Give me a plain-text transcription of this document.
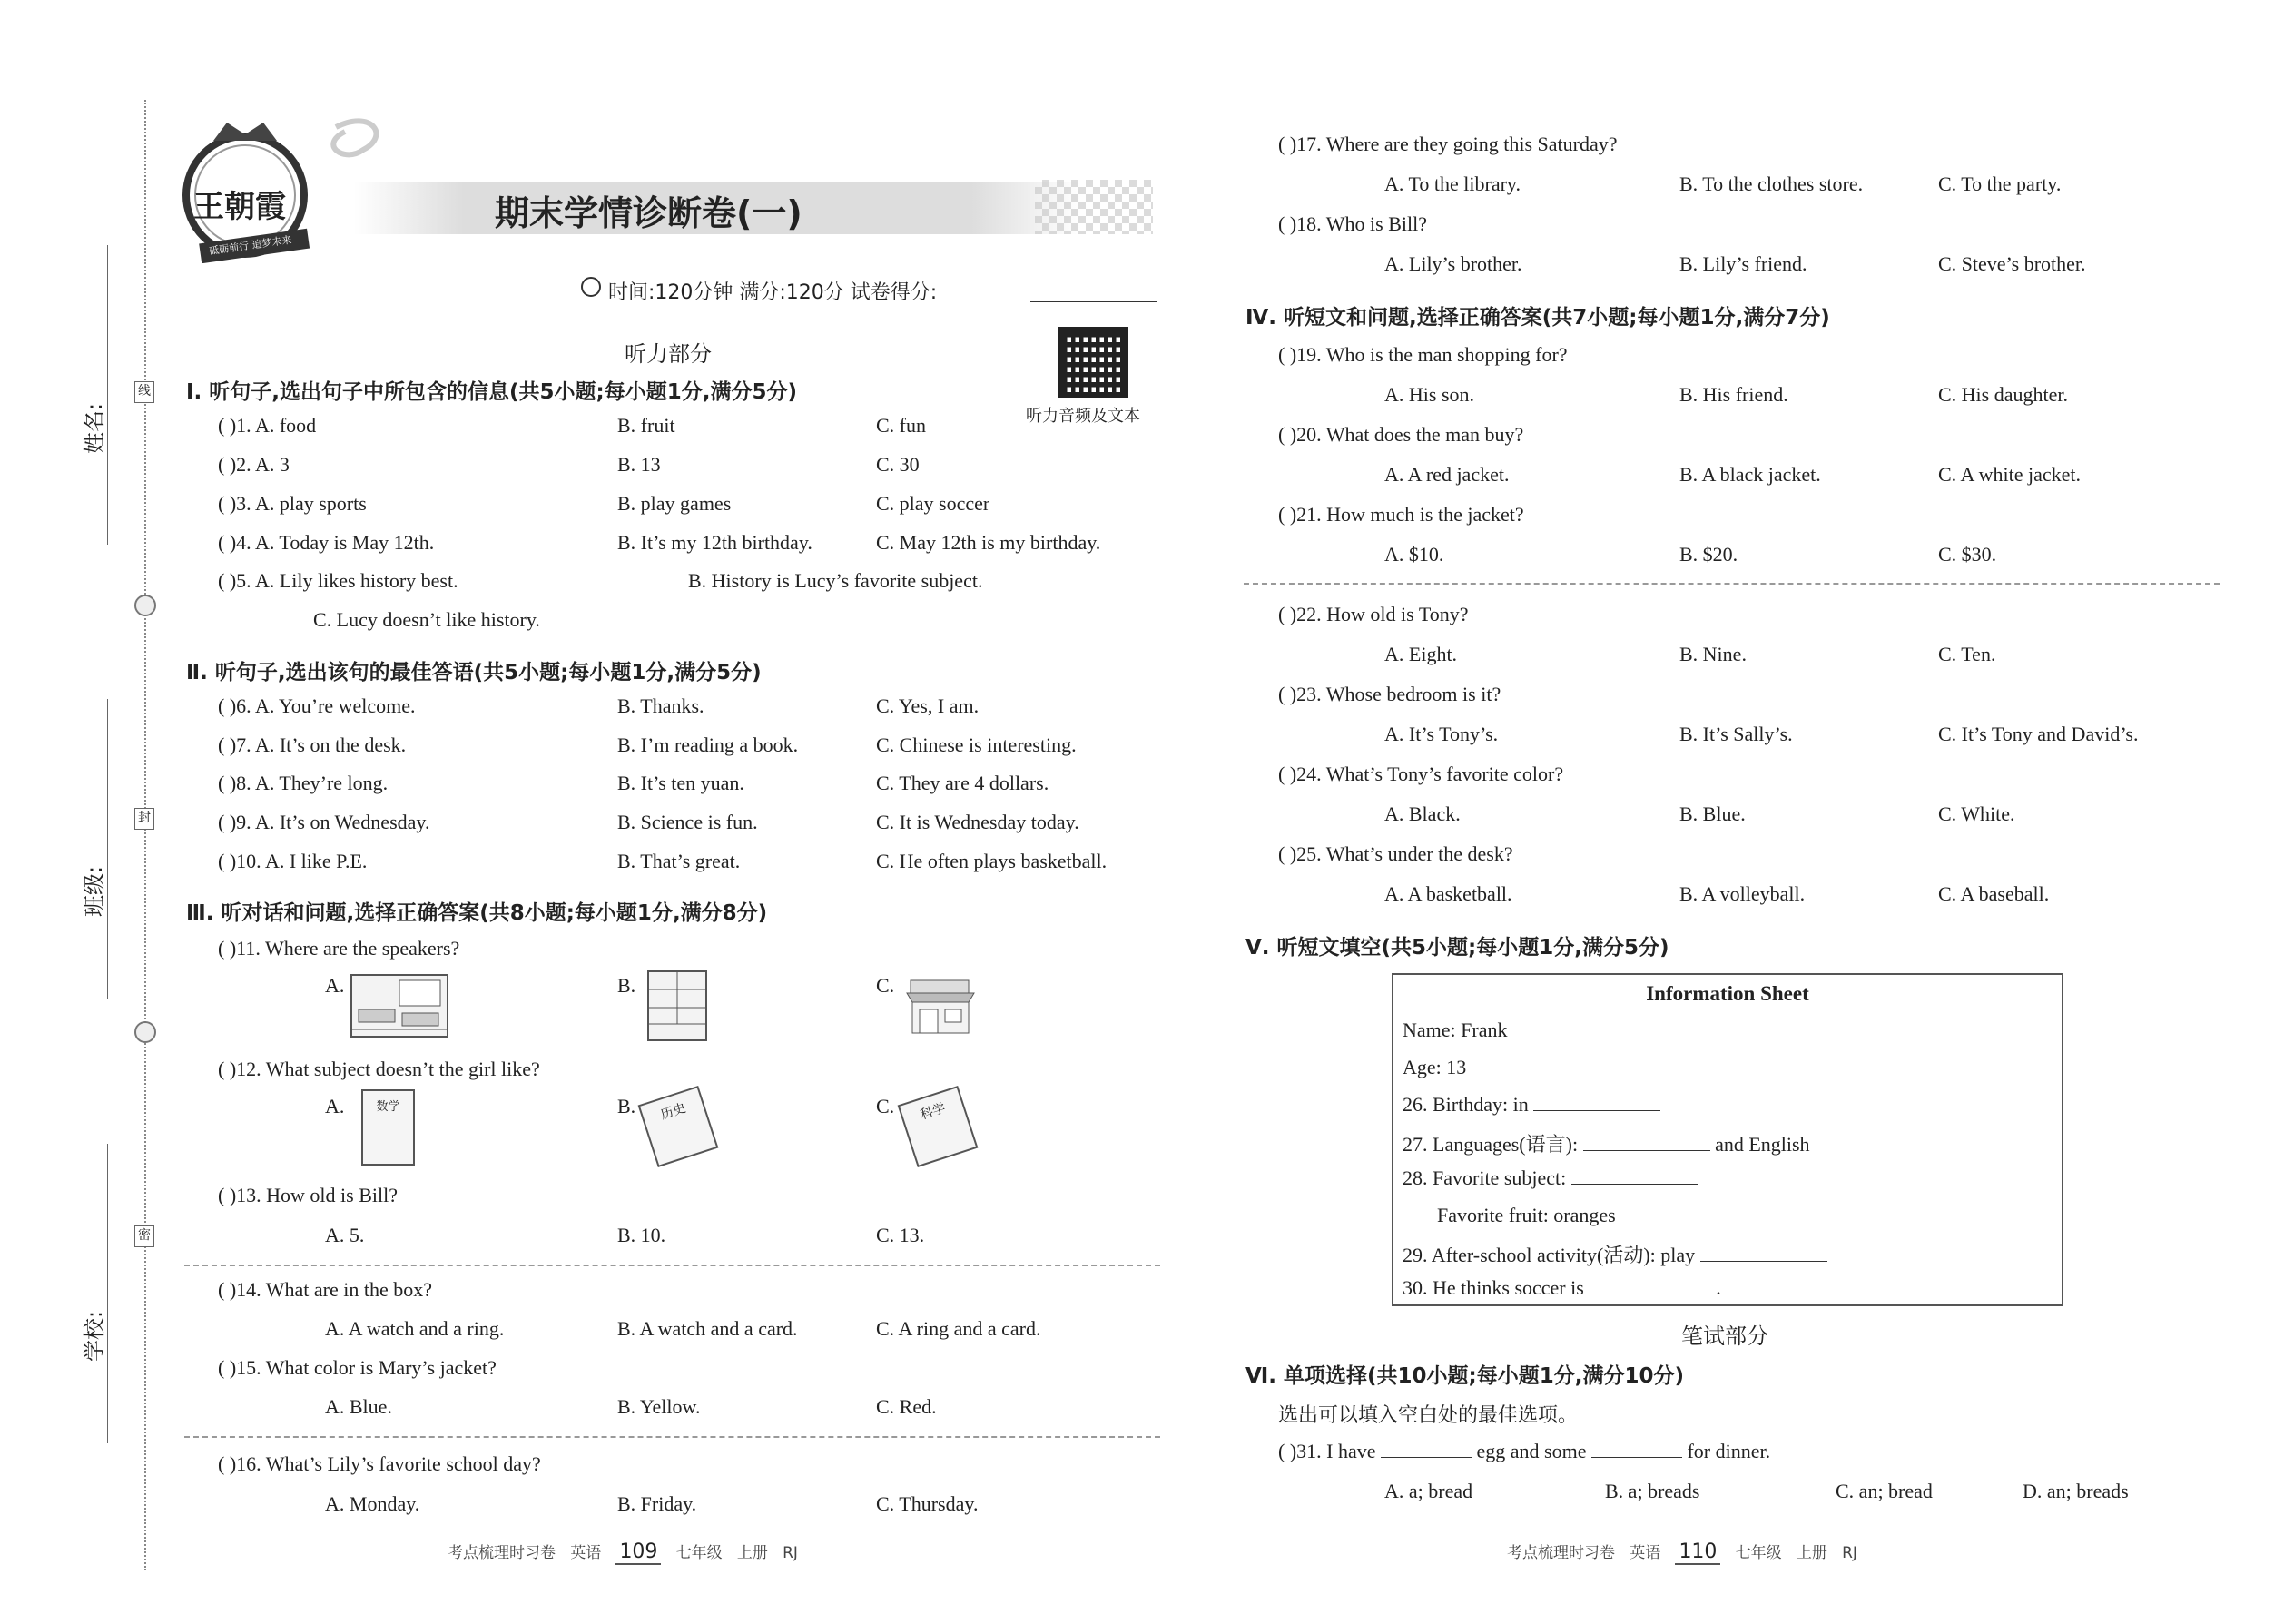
姓名:
班级:
学校:
线
封
密
王朝霞
砥砺前行 追梦未来
期末学情诊断卷(一)
时间:120分钟 满分:120分 试卷得分:
听力音频及文本
听力部分
Ⅰ. 听句子,选出句子中所包含的信息(共5小题;每小题1分,满分5分)
( )1. A. food	B. fruit	C. fun
( )2. A. 3	B. 13	C. 30
( )3. A. play sports	B. play games	C. play soccer
( )4. A. Today is May 12th.	B. It’s my 12th birthday.	C. May 12th is my birthday.
( )5. A. Lily likes history best.	B. History is Lucy’s favorite subject.
C. Lucy doesn’t like history.
Ⅱ. 听句子,选出该句的最佳答语(共5小题;每小题1分,满分5分)
( )6. A. You’re welcome.	B. Thanks.	C. Yes, I am.
( )7. A. It’s on the desk.	B. I’m reading a book.	C. Chinese is interesting.
( )8. A. They’re long.	B. It’s ten yuan.	C. They are 4 dollars.
( )9. A. It’s on Wednesday.	B. Science is fun.	C. It is Wednesday today.
( )10. A. I like P.E.	B. That’s great.	C. He often plays basketball.
Ⅲ. 听对话和问题,选择正确答案(共8小题;每小题1分,满分8分)
( )11. Where are the speakers?
A.	B.	C.
( )12. What subject doesn’t the girl like?
A.	数学	B.	历史	C.	科学
( )13. How old is Bill?
A. 5.	B. 10.	C. 13.
( )14. What are in the box?
A. A watch and a ring.	B. A watch and a card.	C. A ring and a card.
( )15. What color is Mary’s jacket?
A. Blue.	B. Yellow.	C. Red.
( )16. What’s Lily’s favorite school day?
A. Monday.	B. Friday.	C. Thursday.
考点梳理时习卷 英语 109 七年级 上册 RJ
( )17. Where are they going this Saturday?
A. To the library.	B. To the clothes store.	C. To the party.
( )18. Who is Bill?
A. Lily’s brother.	B. Lily’s friend.	C. Steve’s brother.
Ⅳ. 听短文和问题,选择正确答案(共7小题;每小题1分,满分7分)
( )19. Who is the man shopping for?
A. His son.	B. His friend.	C. His daughter.
( )20. What does the man buy?
A. A red jacket.	B. A black jacket.	C. A white jacket.
( )21. How much is the jacket?
A. $10.	B. $20.	C. $30.
( )22. How old is Tony?
A. Eight.	B. Nine.	C. Ten.
( )23. Whose bedroom is it?
A. It’s Tony’s.	B. It’s Sally’s.	C. It’s Tony and David’s.
( )24. What’s Tony’s favorite color?
A. Black.	B. Blue.	C. White.
( )25. What’s under the desk?
A. A basketball.	B. A volleyball.	C. A baseball.
Ⅴ. 听短文填空(共5小题;每小题1分,满分5分)
Information Sheet
Name: Frank
Age: 13
26. Birthday: in
27. Languages(语言):	and English
28. Favorite subject:
Favorite fruit: oranges
29. After-school activity(活动): play
30. He thinks soccer is	.
笔试部分
Ⅵ. 单项选择(共10小题;每小题1分,满分10分)
选出可以填入空白处的最佳选项。
( )31. I have	egg and some	for dinner.
A. a; bread	B. a; breads	C. an; bread	D. an; breads
考点梳理时习卷 英语 110 七年级 上册 RJ
